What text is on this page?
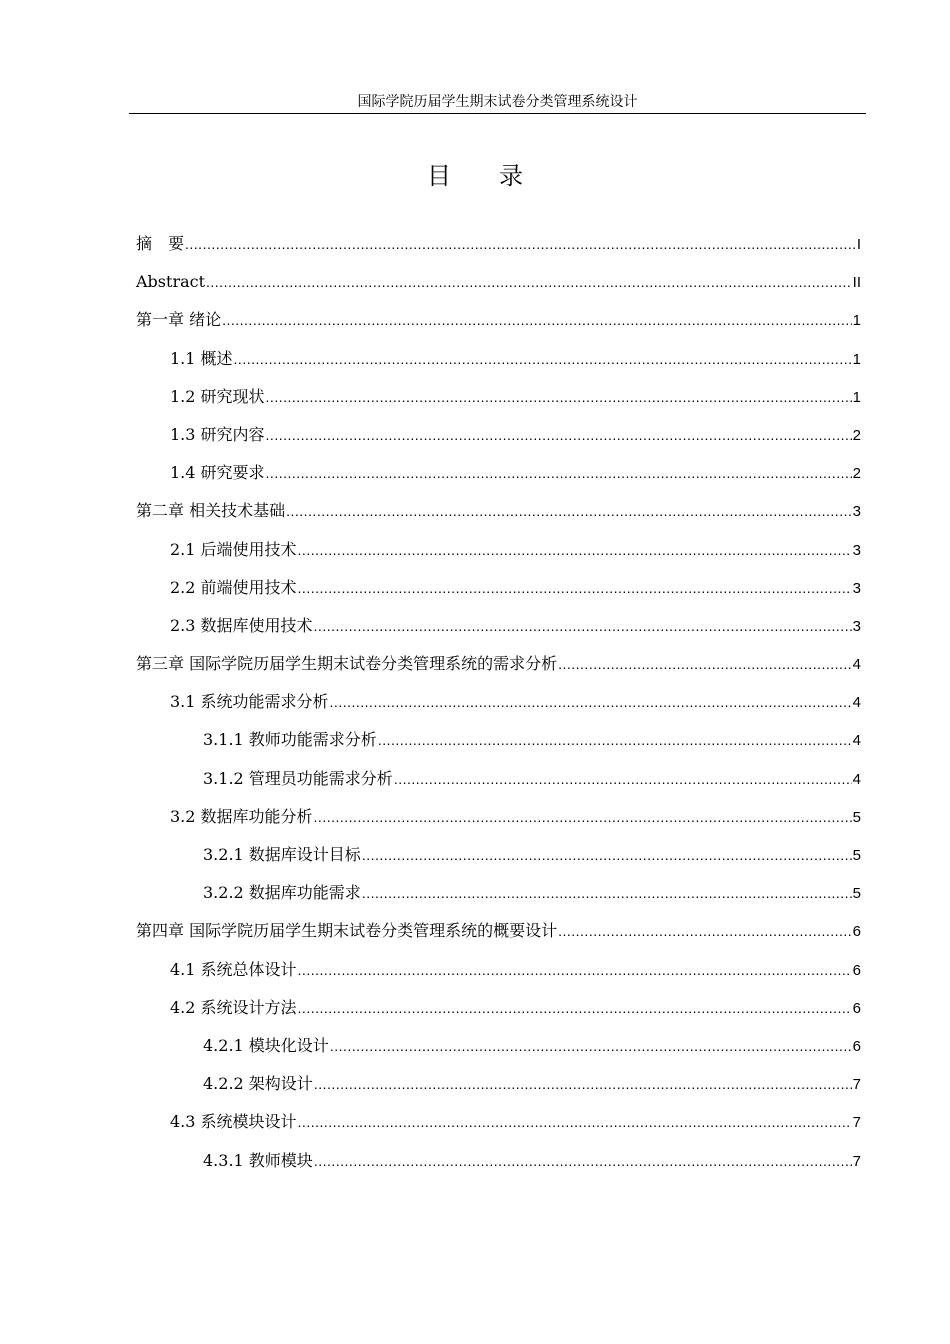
国际学院历届学生期末试卷分类管理系统设计
目 录
摘　要 .....	I
Abstract .....	II
第一章 绪论 .....	1
1.1 概述 .....	1
1.2 研究现状 .....	1
1.3 研究内容 .....	2
1.4 研究要求 .....	2
第二章 相关技术基础 .....	3
2.1 后端使用技术 .....	3
2.2 前端使用技术 .....	3
2.3 数据库使用技术 .....	3
第三章 国际学院历届学生期末试卷分类管理系统的需求分析 .....	4
3.1 系统功能需求分析 .....	4
3.1.1 教师功能需求分析 .....	4
3.1.2 管理员功能需求分析 .....	4
3.2 数据库功能分析 .....	5
3.2.1 数据库设计目标 .....	5
3.2.2 数据库功能需求 .....	5
第四章 国际学院历届学生期末试卷分类管理系统的概要设计 .....	6
4.1 系统总体设计 .....	6
4.2 系统设计方法 .....	6
4.2.1 模块化设计 .....	6
4.2.2 架构设计 .....	7
4.3 系统模块设计 .....	7
4.3.1 教师模块 .....	7
